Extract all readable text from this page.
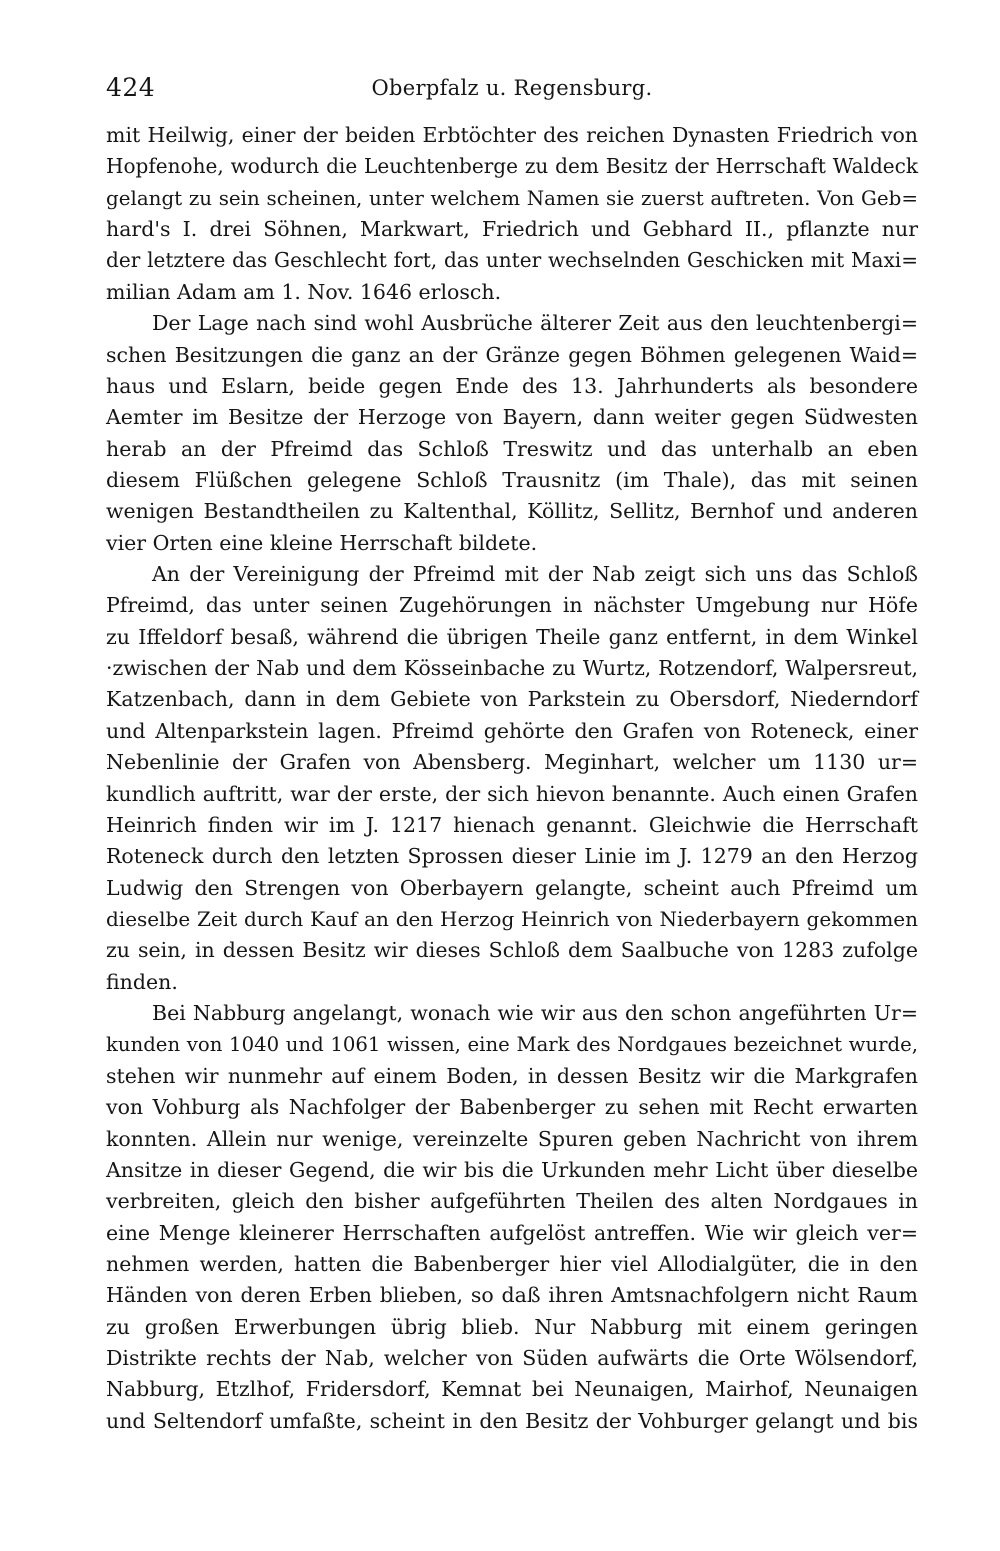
424	Oberpfalz u. Regensburg.
mit Heilwig, einer der beiden Erbtöchter des reichen Dynasten Friedrich von
Hopfenohe, wodurch die Leuchtenberge zu dem Besitz der Herrschaft Waldeck
gelangt zu sein scheinen, unter welchem Namen sie zuerst auftreten. Von Geb=
hard's I. drei Söhnen, Markwart, Friedrich und Gebhard II., pflanzte nur
der letztere das Geschlecht fort, das unter wechselnden Geschicken mit Maxi=
milian Adam am 1. Nov. 1646 erlosch.
Der Lage nach sind wohl Ausbrüche älterer Zeit aus den leuchtenbergi=
schen Besitzungen die ganz an der Gränze gegen Böhmen gelegenen Waid=
haus und Eslarn, beide gegen Ende des 13. Jahrhunderts als besondere
Aemter im Besitze der Herzoge von Bayern, dann weiter gegen Südwesten
herab an der Pfreimd das Schloß Treswitz und das unterhalb an eben
diesem Flüßchen gelegene Schloß Trausnitz (im Thale), das mit seinen
wenigen Bestandtheilen zu Kaltenthal, Köllitz, Sellitz, Bernhof und anderen
vier Orten eine kleine Herrschaft bildete.
An der Vereinigung der Pfreimd mit der Nab zeigt sich uns das Schloß
Pfreimd, das unter seinen Zugehörungen in nächster Umgebung nur Höfe
zu Iffeldorf besaß, während die übrigen Theile ganz entfernt, in dem Winkel
·zwischen der Nab und dem Kösseinbache zu Wurtz, Rotzendorf, Walpersreut,
Katzenbach, dann in dem Gebiete von Parkstein zu Obersdorf, Niederndorf
und Altenparkstein lagen. Pfreimd gehörte den Grafen von Roteneck, einer
Nebenlinie der Grafen von Abensberg. Meginhart, welcher um 1130 ur=
kundlich auftritt, war der erste, der sich hievon benannte. Auch einen Grafen
Heinrich finden wir im J. 1217 hienach genannt. Gleichwie die Herrschaft
Roteneck durch den letzten Sprossen dieser Linie im J. 1279 an den Herzog
Ludwig den Strengen von Oberbayern gelangte, scheint auch Pfreimd um
dieselbe Zeit durch Kauf an den Herzog Heinrich von Niederbayern gekommen
zu sein, in dessen Besitz wir dieses Schloß dem Saalbuche von 1283 zufolge
finden.
Bei Nabburg angelangt, wonach wie wir aus den schon angeführten Ur=
kunden von 1040 und 1061 wissen, eine Mark des Nordgaues bezeichnet wurde,
stehen wir nunmehr auf einem Boden, in dessen Besitz wir die Markgrafen
von Vohburg als Nachfolger der Babenberger zu sehen mit Recht erwarten
konnten. Allein nur wenige, vereinzelte Spuren geben Nachricht von ihrem
Ansitze in dieser Gegend, die wir bis die Urkunden mehr Licht über dieselbe
verbreiten, gleich den bisher aufgeführten Theilen des alten Nordgaues in
eine Menge kleinerer Herrschaften aufgelöst antreffen. Wie wir gleich ver=
nehmen werden, hatten die Babenberger hier viel Allodialgüter, die in den
Händen von deren Erben blieben, so daß ihren Amtsnachfolgern nicht Raum
zu großen Erwerbungen übrig blieb. Nur Nabburg mit einem geringen
Distrikte rechts der Nab, welcher von Süden aufwärts die Orte Wölsendorf,
Nabburg, Etzlhof, Fridersdorf, Kemnat bei Neunaigen, Mairhof, Neunaigen
und Seltendorf umfaßte, scheint in den Besitz der Vohburger gelangt und bis
